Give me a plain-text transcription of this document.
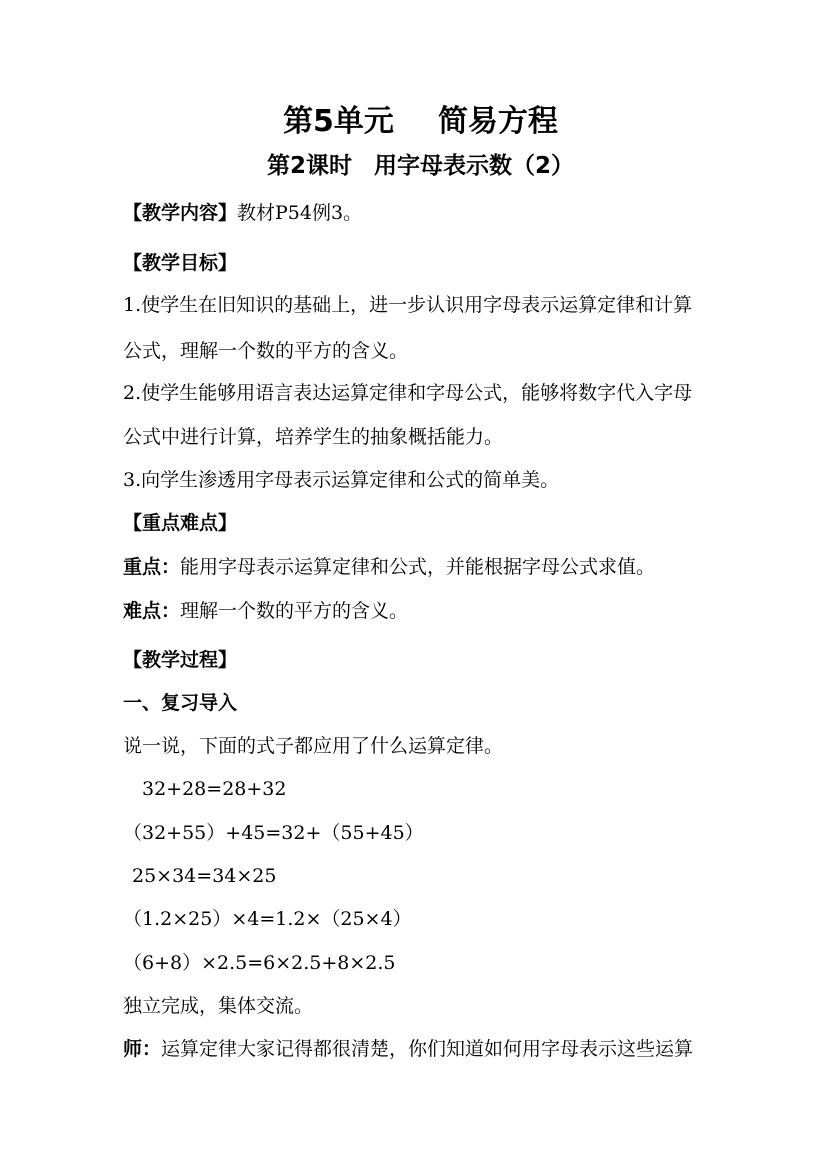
第5单元 简易方程
第2课时 用字母表示数（2）
【教学内容】教材P54例3。
【教学目标】
1.使学生在旧知识的基础上，进一步认识用字母表示运算定律和计算
公式，理解一个数的平方的含义。
2.使学生能够用语言表达运算定律和字母公式，能够将数字代入字母
公式中进行计算，培养学生的抽象概括能力。
3.向学生渗透用字母表示运算定律和公式的简单美。
【重点难点】
重点：能用字母表示运算定律和公式，并能根据字母公式求值。
难点：理解一个数的平方的含义。
【教学过程】
一、复习导入
说一说，下面的式子都应用了什么运算定律。
32+28=28+32
（32+55）+45=32+（55+45）
25×34=34×25
（1.2×25）×4=1.2×（25×4）
（6+8）×2.5=6×2.5+8×2.5
独立完成，集体交流。
师：运算定律大家记得都很清楚，你们知道如何用字母表示这些运算
